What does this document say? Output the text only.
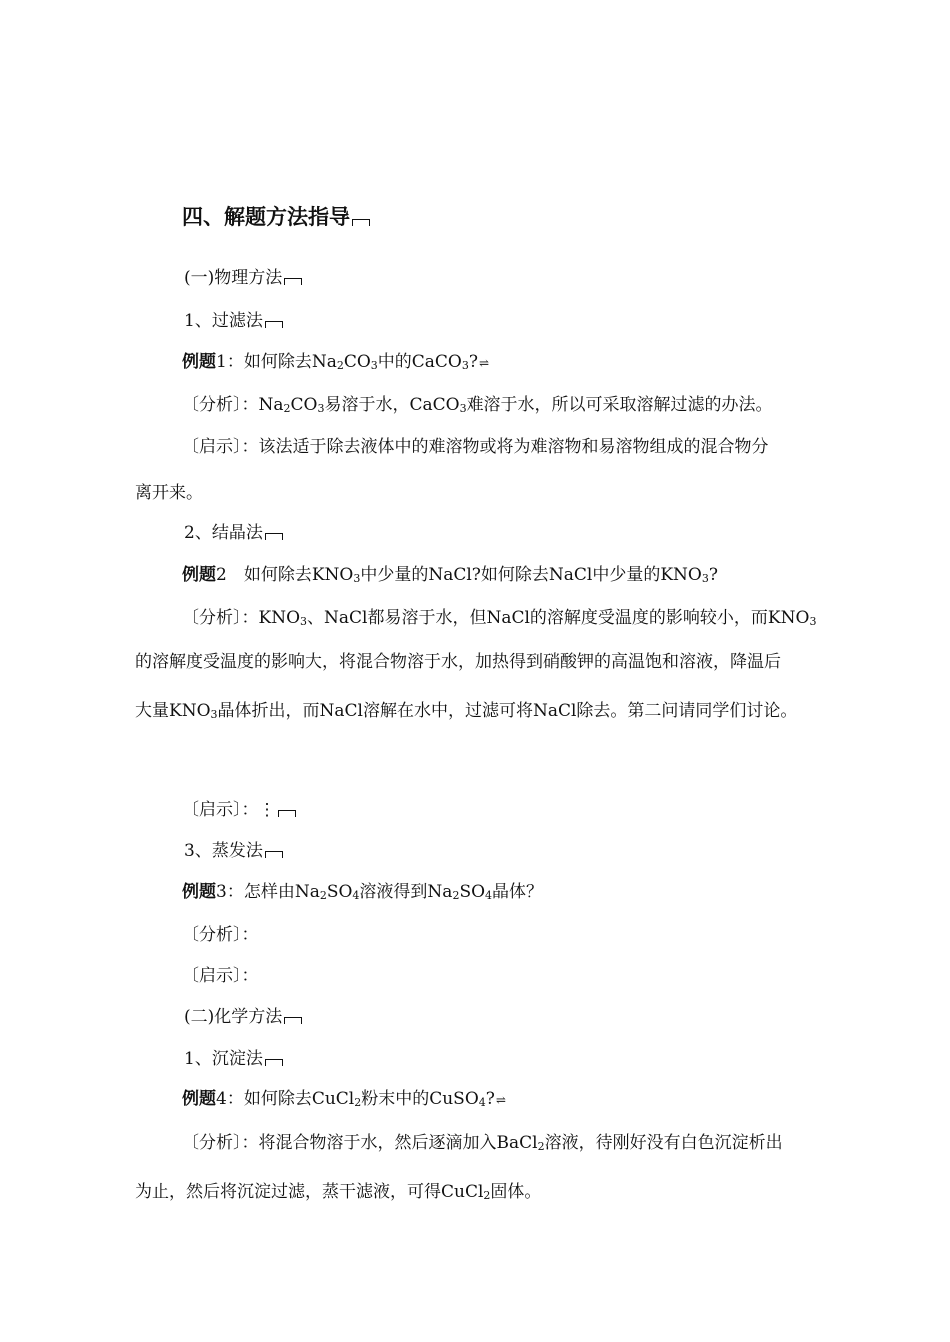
四、解题方法指导
(一)物理方法
1、过滤法
例题1：如何除去$Na_2CO_3$中的CaCO$_3$?⇌
〔分析〕：$Na_2CO_3$易溶于水，CaCO$_3$难溶于水，所以可采取溶解过滤的办法。
〔启示〕：该法适于除去液体中的难溶物或将为难溶物和易溶物组成的混合物分
离开来。
2、结晶法
例题2　如何除去$KNO_3$中少量的NaCl?如何除去NaCl中少量的$KNO_3$?
〔分析〕：$KNO_3$、NaCl都易溶于水，但NaCl的溶解度受温度的影响较小，而$KNO_3$
的溶解度受温度的影响大，将混合物溶于水，加热得到硝酸钾的高温饱和溶液，降温后
大量$KNO_3$晶体折出，而NaCl溶解在水中，过滤可将NaCl除去。第二问请同学们讨论。
〔启示〕：⋮
3、蒸发法
例题3：怎样由$Na_2SO_4$溶液得到$Na_2SO_4$晶体？
〔分析〕：
〔启示〕：
(二)化学方法
1、沉淀法
例题4：如何除去CuCl$_2$粉末中的CuSO$_4$?⇌
〔分析〕：将混合物溶于水，然后逐滴加入BaCl$_2$溶液，待刚好没有白色沉淀析出
为止，然后将沉淀过滤，蒸干滤液，可得CuCl$_2$固体。
